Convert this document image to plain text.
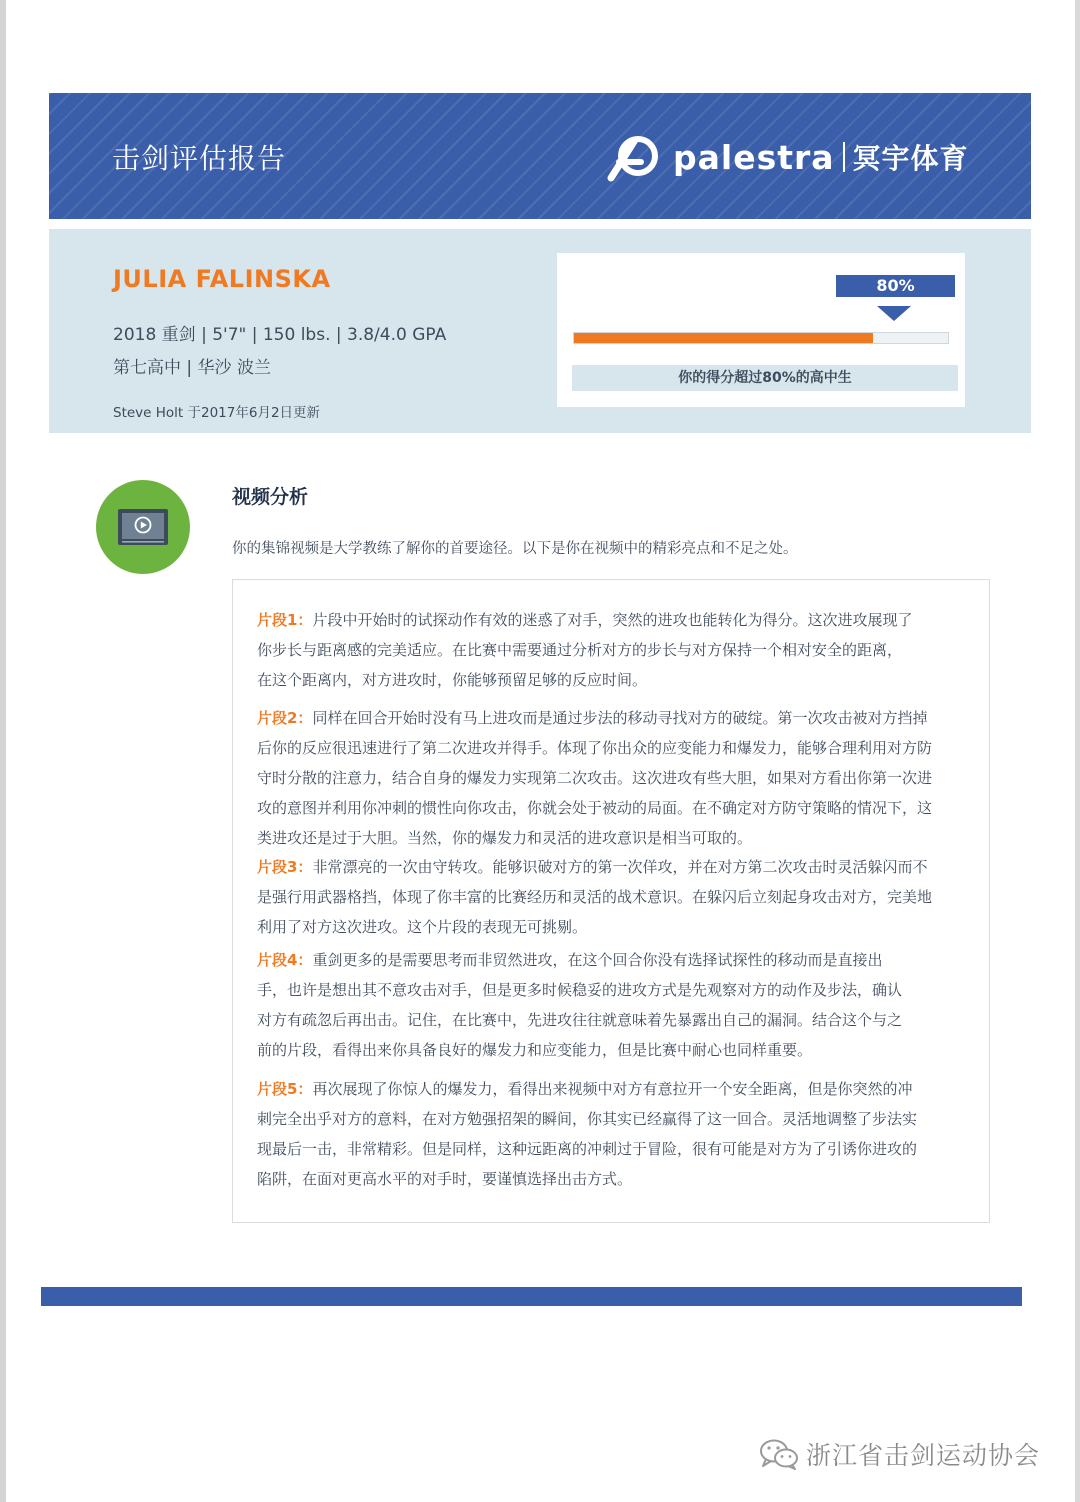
击剑评估报告	palestra 冥宇体育
JULIA FALINSKA
2018 重剑 | 5'7" | 150 lbs. | 3.8/4.0 GPA
第七高中 | 华沙 波兰
Steve Holt 于2017年6月2日更新
80%
你的得分超过80%的高中生
视频分析
你的集锦视频是大学教练了解你的首要途径。以下是你在视频中的精彩亮点和不足之处。
片段1：片段中开始时的试探动作有效的迷惑了对手，突然的进攻也能转化为得分。这次进攻展现了
你步长与距离感的完美适应。在比赛中需要通过分析对方的步长与对方保持一个相对安全的距离，
在这个距离内，对方进攻时，你能够预留足够的反应时间。
片段2：同样在回合开始时没有马上进攻而是通过步法的移动寻找对方的破绽。第一次攻击被对方挡掉
后你的反应很迅速进行了第二次进攻并得手。体现了你出众的应变能力和爆发力，能够合理利用对方防
守时分散的注意力，结合自身的爆发力实现第二次攻击。这次进攻有些大胆，如果对方看出你第一次进
攻的意图并利用你冲刺的惯性向你攻击，你就会处于被动的局面。在不确定对方防守策略的情况下，这
类进攻还是过于大胆。当然，你的爆发力和灵活的进攻意识是相当可取的。
片段3：非常漂亮的一次由守转攻。能够识破对方的第一次佯攻，并在对方第二次攻击时灵活躲闪而不
是强行用武器格挡，体现了你丰富的比赛经历和灵活的战术意识。在躲闪后立刻起身攻击对方，完美地
利用了对方这次进攻。这个片段的表现无可挑剔。
片段4：重剑更多的是需要思考而非贸然进攻，在这个回合你没有选择试探性的移动而是直接出
手，也许是想出其不意攻击对手，但是更多时候稳妥的进攻方式是先观察对方的动作及步法，确认
对方有疏忽后再出击。记住，在比赛中，先进攻往往就意味着先暴露出自己的漏洞。结合这个与之
前的片段，看得出来你具备良好的爆发力和应变能力，但是比赛中耐心也同样重要。
片段5：再次展现了你惊人的爆发力，看得出来视频中对方有意拉开一个安全距离，但是你突然的冲
刺完全出乎对方的意料，在对方勉强招架的瞬间，你其实已经赢得了这一回合。灵活地调整了步法实
现最后一击，非常精彩。但是同样，这种远距离的冲刺过于冒险，很有可能是对方为了引诱你进攻的
陷阱，在面对更高水平的对手时，要谨慎选择出击方式。
浙江省击剑运动协会
